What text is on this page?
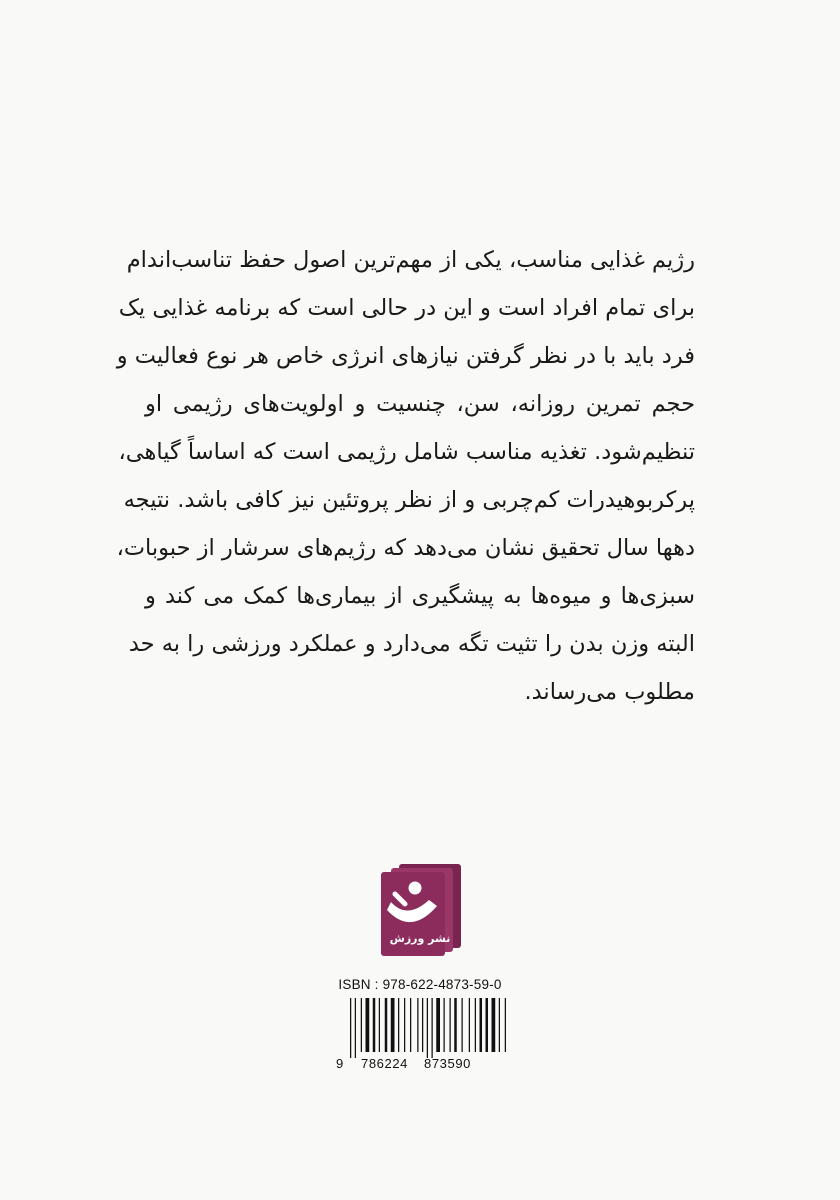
رژیم غذایی مناسب، یکی از مهم‌ترین اصول حفظ تناسب‌اندام
برای تمام افراد است و این در حالی است که برنامه غذایی یک
فرد باید با در نظر گرفتن نیازهای انرژی خاص هر نوع فعالیت و
حجم تمرین روزانه، سن، چنسیت و اولویت‌های رژیمی او
تنظیم‌شود. تغذیه مناسب شامل رژیمی است که اساساً گیاهی،
پرکربوهیدرات کم‌چربی و از نظر پروتئین نیز کافی باشد. نتیجه
دهها سال تحقیق نشان می‌دهد که رژیم‌های سرشار از حبوبات،
سبزی‌ها و میوه‌ها به پیشگیری از بیماری‌ها کمک می کند و
البته وزن بدن را تثیت تگه می‌دارد و عملکرد ورزشی را به حد
مطلوب می‌رساند.
نشر ورزش
ISBN : 978-622-4873-59-0
9 786224 873590
